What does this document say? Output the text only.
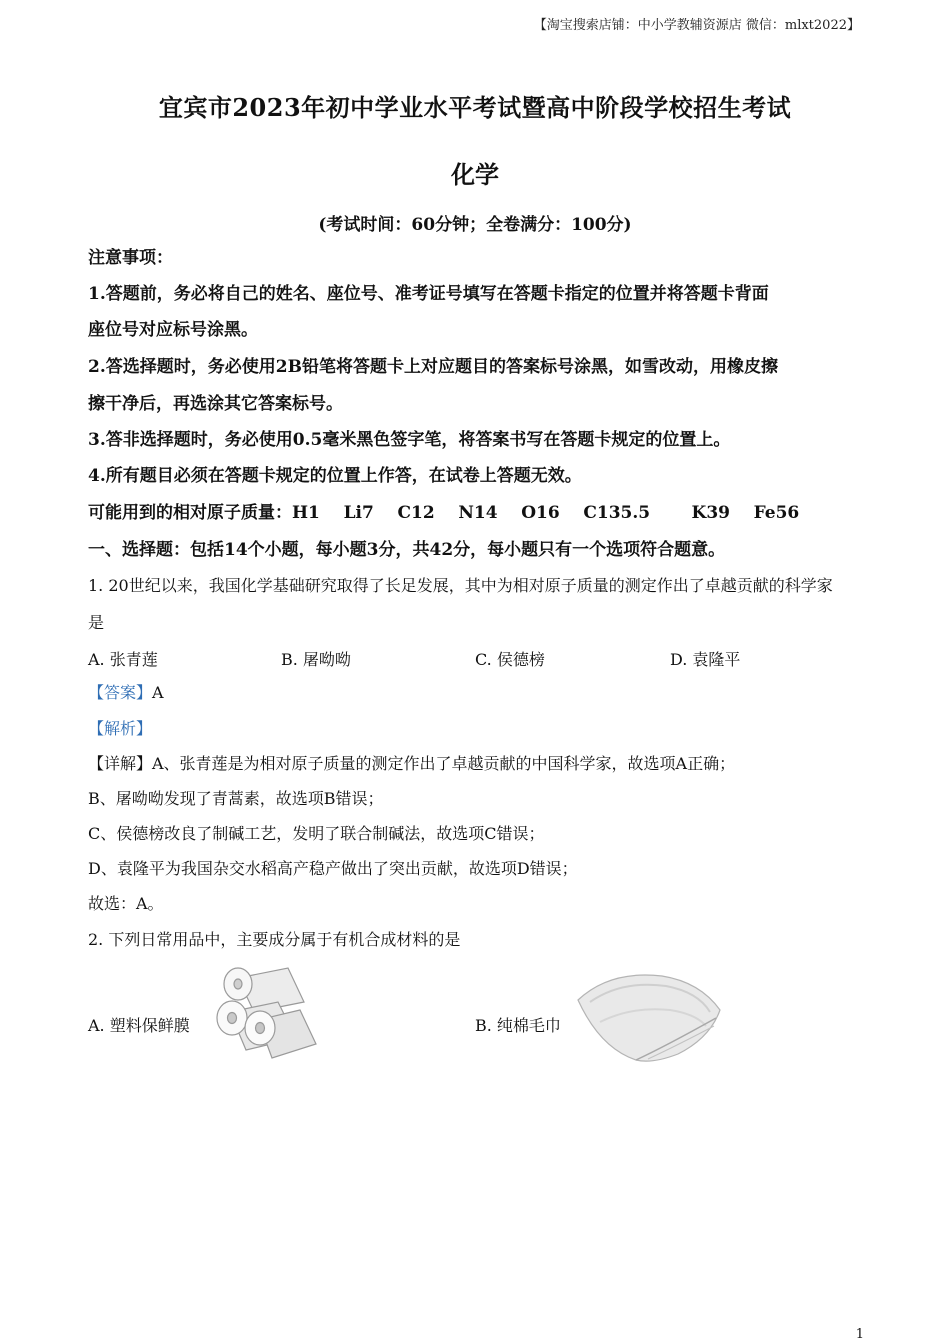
【淘宝搜索店铺：中小学教辅资源店 微信：mlxt2022】
宜宾市2023年初中学业水平考试暨高中阶段学校招生考试
化学
(考试时间：60分钟；全卷满分：100分)
注意事项：
1.答题前，务必将自己的姓名、座位号、准考证号填写在答题卡指定的位置并将答题卡背面
座位号对应标号涂黑。
2.答选择题时，务必使用2B铅笔将答题卡上对应题目的答案标号涂黑，如雪改动，用橡皮擦
擦干净后，再选涂其它答案标号。
3.答非选择题时，务必使用0.5毫米黑色签字笔，将答案书写在答题卡规定的位置上。
4.所有题目必须在答题卡规定的位置上作答，在试卷上答题无效。
可能用到的相对原子质量：H1    Li7    C12    N14    O16    C135.5       K39    Fe56
一、选择题：包括14个小题，每小题3分，共42分，每小题只有一个选项符合题意。
1. 20世纪以来，我国化学基础研究取得了长足发展，其中为相对原子质量的测定作出了卓越贡献的科学家
是
A. 张青莲	B. 屠呦呦	C. 侯德榜	D. 袁隆平
【答案】A
【解析】
【详解】A、张青莲是为相对原子质量的测定作出了卓越贡献的中国科学家，故选项A正确；
B、屠呦呦发现了青蒿素，故选项B错误；
C、侯德榜改良了制碱工艺，发明了联合制碱法，故选项C错误；
D、袁隆平为我国杂交水稻高产稳产做出了突出贡献，故选项D错误；
故选：A。
2. 下列日常用品中，主要成分属于有机合成材料的是
A. 塑料保鲜膜	B. 纯棉毛巾
1
